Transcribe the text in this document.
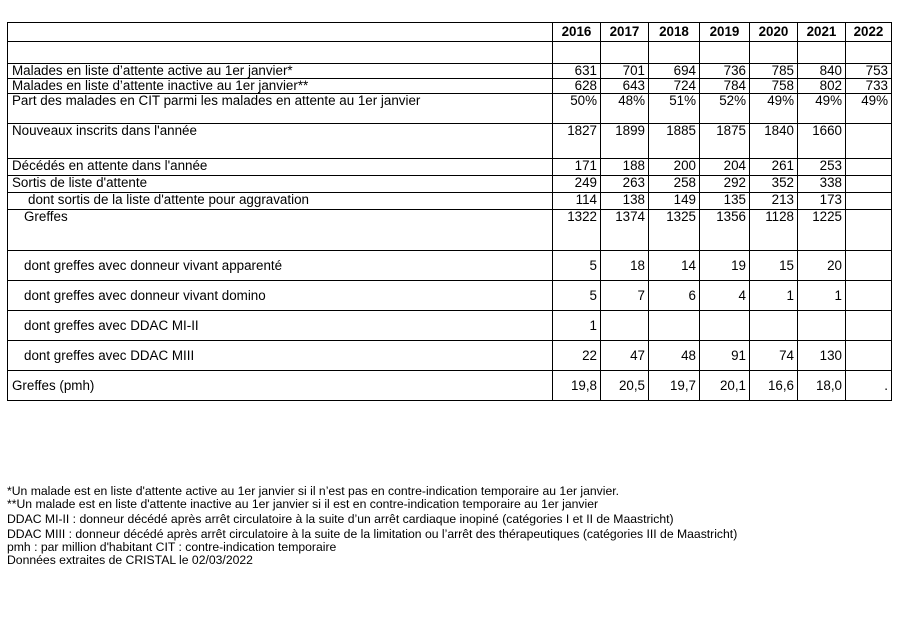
	2016	2017	2018	2019	2020	2021	2022

Malades en liste d’attente active au 1er janvier*	631	701	694	736	785	840	753
Malades en liste d’attente inactive au 1er janvier**	628	643	724	784	758	802	733
Part des malades en CIT parmi les malades en attente au 1er janvier	50%	48%	51%	52%	49%	49%	49%
Nouveaux inscrits dans l'année	1827	1899	1885	1875	1840	1660	
Décédés en attente dans l'année	171	188	200	204	261	253	
Sortis de liste d'attente	249	263	258	292	352	338	
dont sortis de la liste d'attente pour aggravation	114	138	149	135	213	173	
Greffes	1322	1374	1325	1356	1128	1225	
dont greffes avec donneur vivant apparenté	5	18	14	19	15	20	
dont greffes avec donneur vivant domino	5	7	6	4	1	1	
dont greffes avec DDAC MI-II	1						
dont greffes avec DDAC MIII	22	47	48	91	74	130	
Greffes (pmh)	19,8	20,5	19,7	20,1	16,6	18,0	.
*Un malade est en liste d'attente active au 1er janvier si il n’est pas en contre-indication temporaire au 1er janvier.
**Un malade est en liste d'attente inactive au 1er janvier si il est en contre-indication temporaire au 1er janvier
DDAC MI-II : donneur décédé après arrêt circulatoire à la suite d’un arrêt cardiaque inopiné (catégories I et II de Maastricht)
DDAC MIII : donneur décédé après arrêt circulatoire à la suite de la limitation ou l’arrêt des thérapeutiques (catégories III de Maastricht)
pmh : par million d'habitant CIT : contre-indication temporaire
Données extraites de CRISTAL le 02/03/2022
